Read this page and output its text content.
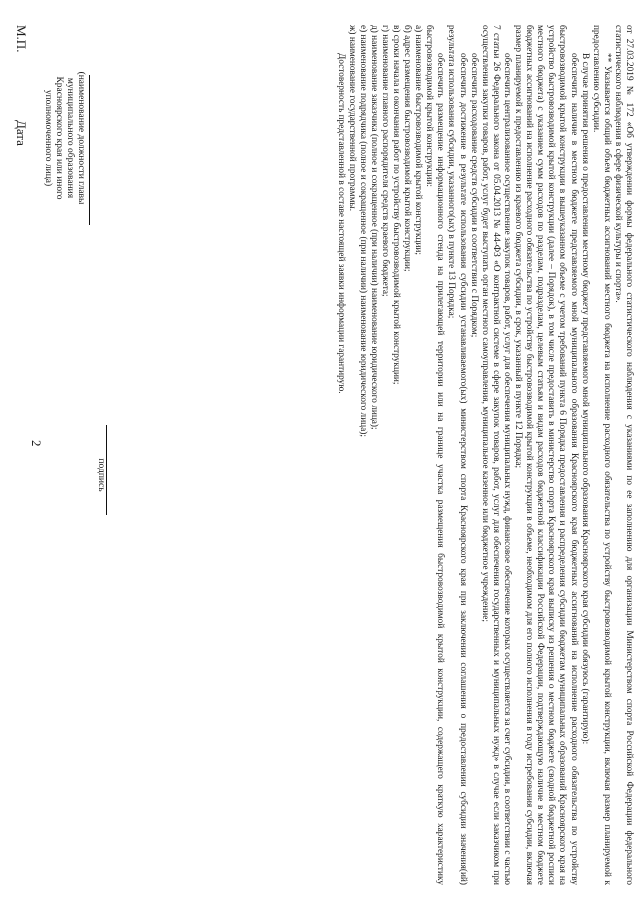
от 27.03.2019 № 172 «Об утверждении формы федерального статистического наблюдения с указаниями по ее заполнению для организации Министерством спорта Российской Федерации федерального статистического наблюдения в сфере физической культуры и спорта».

** Указывается общий объем бюджетных ассигнований местного бюджета на исполнение расходного обязательства по устройству быстровозводимой крытой конструкции, включая размер планируемой к предоставлению субсидии.

В случае принятия решения о предоставлении местному бюджету представляемого мной муниципального образования Красноярского края субсидии обязуюсь (гарантирую):

обеспечить наличие в местном бюджете представляемого мной муниципального образования Красноярского края бюджетных ассигнований на исполнение расходного обязательства по устройству быстровозводимой крытой конструкции в вышеуказанном объеме с учетом требований пункта 6 Порядка предоставления и распределения субсидии бюджетам муниципальных образований Красноярского края на устройство быстровозводимой крытой конструкции (далее – Порядок), в том числе предоставить в министерство спорта Красноярского края выписку из решения о местном бюджете (сводной бюджетной росписи местного бюджета) с указанием сумм расходов по разделам, подразделам, целевым статьям и видам расходов бюджетной классификации Российской Федерации, подтверждающую наличие в местном бюджете бюджетных ассигнований на исполнение расходного обязательства по устройству быстровозводимой крытой конструкции в объеме, необходимом для его полного исполнения в году истребования субсидии, включая размер планируемой к предоставлению из краевого бюджета субсидии, в срок, указанный в пункте 12 Порядка;

обеспечить централизованное осуществление закупок товаров, работ, услуг для обеспечения муниципальных нужд, финансовое обеспечение которых осуществляется за счет субсидии, в соответствии с частью 7 статьи 26 Федерального закона от 05.04.2013 № 44-ФЗ «О контрактной системе в сфере закупок товаров, работ, услуг для обеспечения государственных и муниципальных нужд» в случае если заказчиком при осуществлении закупки товаров, работ, услуг будет выступать орган местного самоуправления, муниципальное казенное или бюджетное учреждение;

обеспечить расходование средств субсидии в соответствии с Порядком;

обеспечить достижение в результате использования субсидии устанавливаемого(ых) министерством спорта Красноярского края при заключении соглашения о предоставлении субсидии значения(ий) результата использования субсидии, указанного(ых) в пункте 13 Порядка;

обеспечить размещение информационного стенда на прилегающей территории или на границе участка размещения быстровозводимой крытой конструкции, содержащего краткую характеристику быстровозводимой крытой конструкции:

а) наименование быстровозводимой крытой конструкции;

б) адрес размещения быстровозводимой крытой конструкции;

в) сроки начала и окончания работ по устройству быстровозводимой крытой конструкции;

г) наименование главного распорядителя средств краевого бюджета;

д) наименование заказчика (полное и сокращенное (при наличии) наименование юридического лица);

е) наименование подрядчика (полное и сокращенное (при наличии) наименование юридического лица);

ж) наименование государственной программы.

Достоверность представленной в составе настоящей заявки информации гарантирую.

(наименование должности главы муниципального образования Красноярского края или иного уполномоченного лица)
подпись
М.П.
Дата
2
